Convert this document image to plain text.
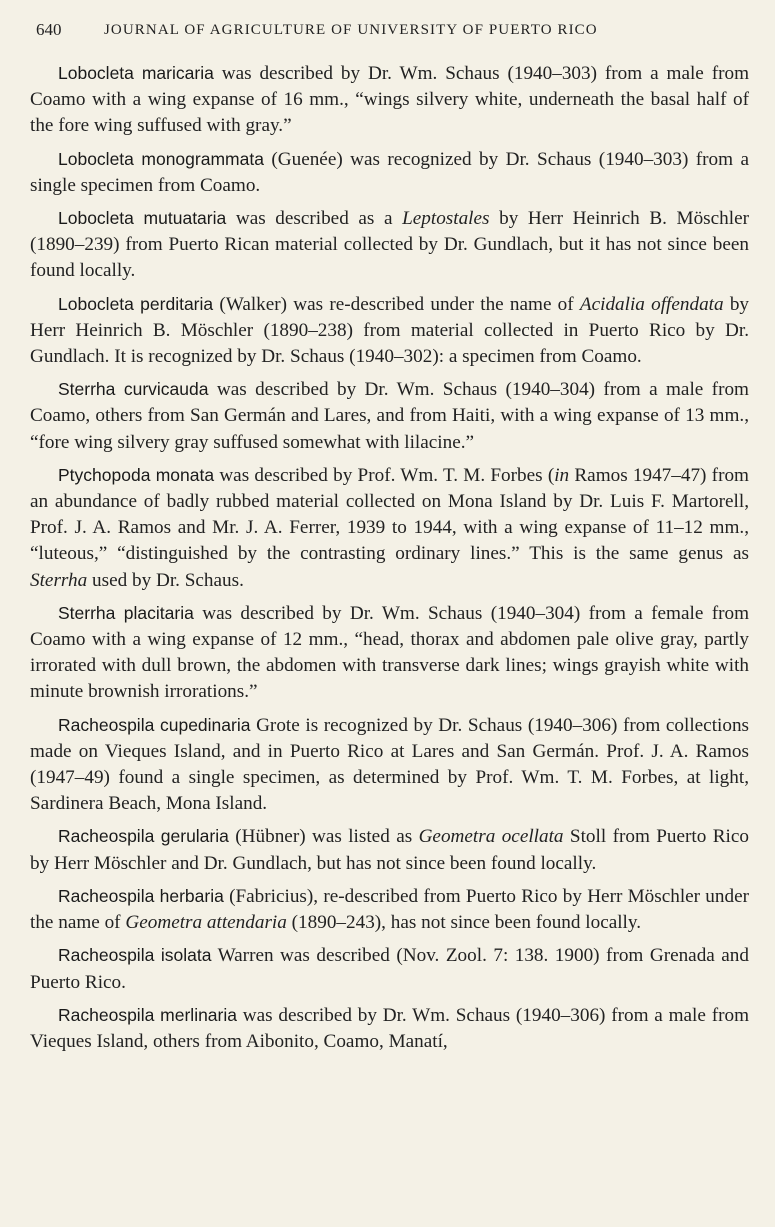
640	JOURNAL OF AGRICULTURE OF UNIVERSITY OF PUERTO RICO

Lobocleta maricaria was described by Dr. Wm. Schaus (1940–303) from a male from Coamo with a wing expanse of 16 mm., “wings silvery white, underneath the basal half of the fore wing suffused with gray.”

Lobocleta monogrammata (Guenée) was recognized by Dr. Schaus (1940–303) from a single specimen from Coamo.

Lobocleta mutuataria was described as a Leptostales by Herr Heinrich B. Möschler (1890–239) from Puerto Rican material collected by Dr. Gundlach, but it has not since been found locally.

Lobocleta perditaria (Walker) was re-described under the name of Acidalia offendata by Herr Heinrich B. Möschler (1890–238) from material collected in Puerto Rico by Dr. Gundlach. It is recognized by Dr. Schaus (1940–302): a specimen from Coamo.

Sterrha curvicauda was described by Dr. Wm. Schaus (1940–304) from a male from Coamo, others from San Germán and Lares, and from Haiti, with a wing expanse of 13 mm., “fore wing silvery gray suffused somewhat with lilacine.”

Ptychopoda monata was described by Prof. Wm. T. M. Forbes (in Ramos 1947–47) from an abundance of badly rubbed material collected on Mona Island by Dr. Luis F. Martorell, Prof. J. A. Ramos and Mr. J. A. Ferrer, 1939 to 1944, with a wing expanse of 11–12 mm., “luteous,” “distinguished by the contrasting ordinary lines.” This is the same genus as Sterrha used by Dr. Schaus.

Sterrha placitaria was described by Dr. Wm. Schaus (1940–304) from a female from Coamo with a wing expanse of 12 mm., “head, thorax and abdomen pale olive gray, partly irrorated with dull brown, the abdomen with transverse dark lines; wings grayish white with minute brownish irrorations.”

Racheospila cupedinaria Grote is recognized by Dr. Schaus (1940–306) from collections made on Vieques Island, and in Puerto Rico at Lares and San Germán. Prof. J. A. Ramos (1947–49) found a single specimen, as determined by Prof. Wm. T. M. Forbes, at light, Sardinera Beach, Mona Island.

Racheospila gerularia (Hübner) was listed as Geometra ocellata Stoll from Puerto Rico by Herr Möschler and Dr. Gundlach, but has not since been found locally.

Racheospila herbaria (Fabricius), re-described from Puerto Rico by Herr Möschler under the name of Geometra attendaria (1890–243), has not since been found locally.

Racheospila isolata Warren was described (Nov. Zool. 7: 138. 1900) from Grenada and Puerto Rico.

Racheospila merlinaria was described by Dr. Wm. Schaus (1940–306) from a male from Vieques Island, others from Aibonito, Coamo, Manatí,
